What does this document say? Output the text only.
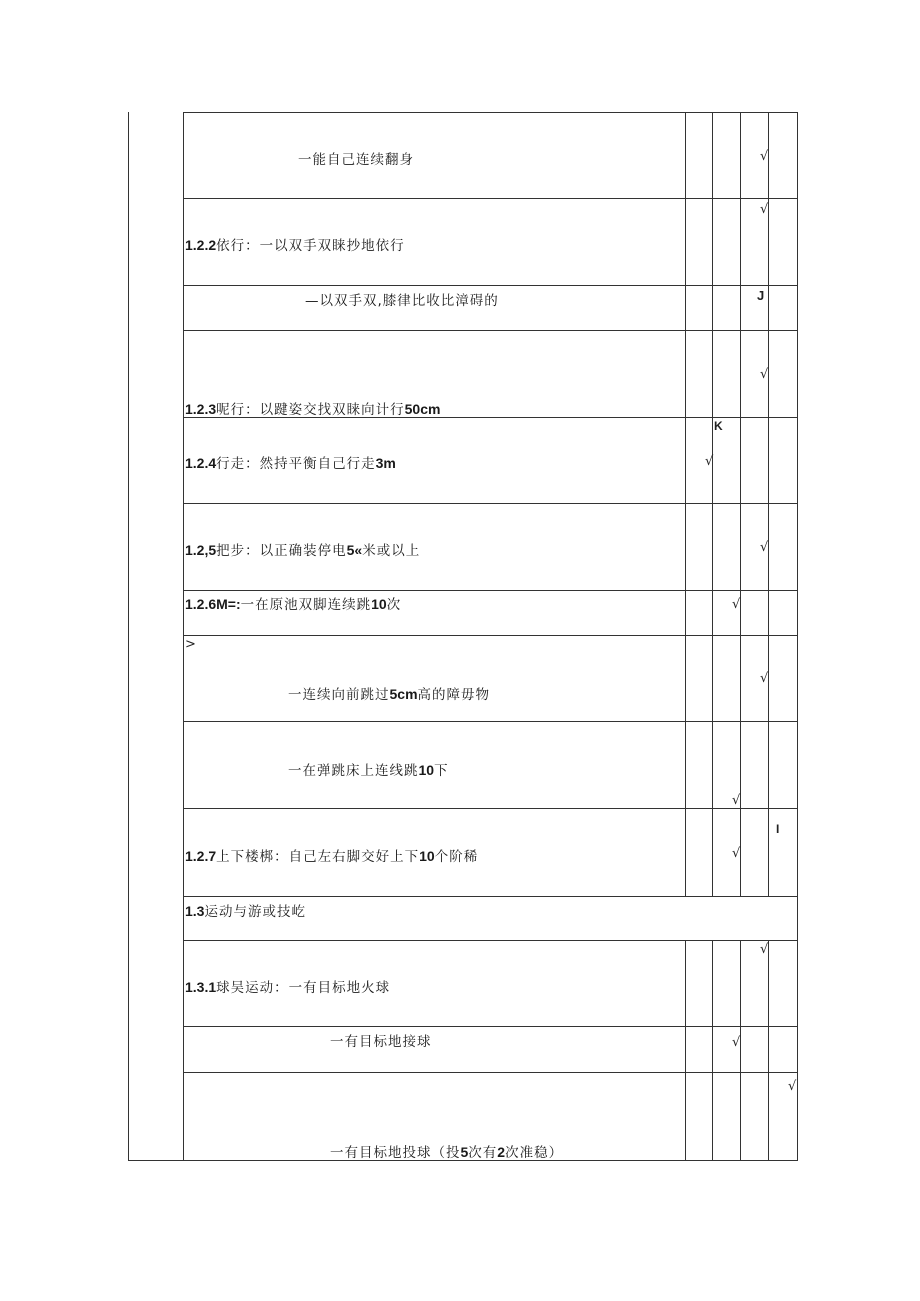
一能自己连续翻身
1.2.2依行：一以双手双睐抄地依行
—以双手双,膝律比收比漳碍的
1.2.3呢行：以踺姿交找双睐向计行50cm
1.2.4行走：然持平衡自己行走3m
1.2,5把步：以正确装停电5«米或以上
1.2.6M=:一在原池双脚连续跳10次
>
一连续向前跳过5cm高的障毋物
一在弹跳床上连线跳10下
1.2.7上下楼梆：自己左右脚交好上下10个阶稀
1.3运动与游或技屹
1.3.1球吴运动：一有目标地火球
一有目标地接球
一有目标地投球（投5次有2次准稳）
√
√
J
√
K
√
√
√
√
√
I
√
√
√
√
